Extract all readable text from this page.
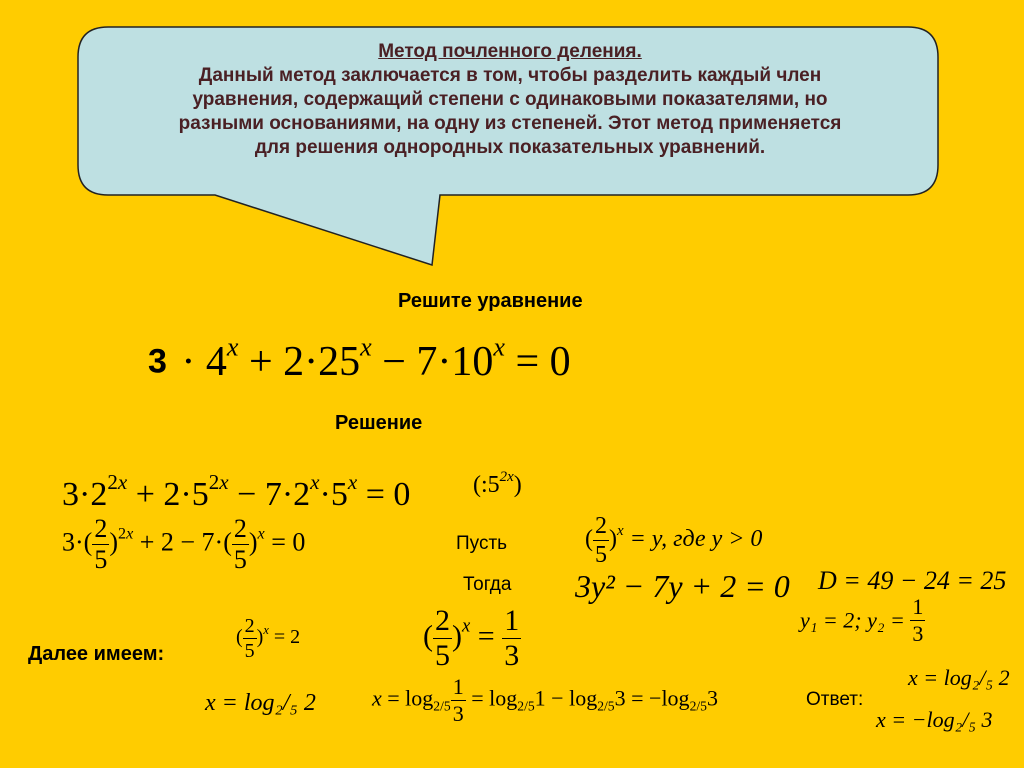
Метод почленного деления.
Данный метод заключается в том, чтобы разделить каждый член
уравнения, содержащий степени с одинаковыми показателями, но
разными основаниями, на одну из степеней. Этот метод применяется
для решения однородных показательных уравнений.
Решите уравнение
$3 \cdot 4^x + 2\cdot 25^x - 7\cdot 10^x = 0$
Решение
$3\cdot 2^{2x} + 2\cdot 5^{2x} - 7\cdot 2^x\cdot 5^x = 0$	$(:5^{2x})$
$3\cdot( \frac{2}{5} )^{2x} + 2 - 7\cdot( \frac{2}{5} )^x = 0$	Пусть	( $\frac{2}{5} )^x = y$, где y > 0
Тогда 3y² − 7y + 2 = 0 D = 49 − 24 = 25
y₁ = 2; $y_2 = \frac{1}{3}$
Далее имеем:
( $\frac{2}{5} )^x = 2$	( $\frac{2}{5} )^x = \frac{1}{3}$
x = log₂/₅ 2	$x = \log_{2/5} \frac{1}{3} = \log_{2/5}1 - \log_{2/5}3 = -\log_{2/5}3$	Ответ:
x = log₂/₅ 2
x = −log₂/₅ 3
